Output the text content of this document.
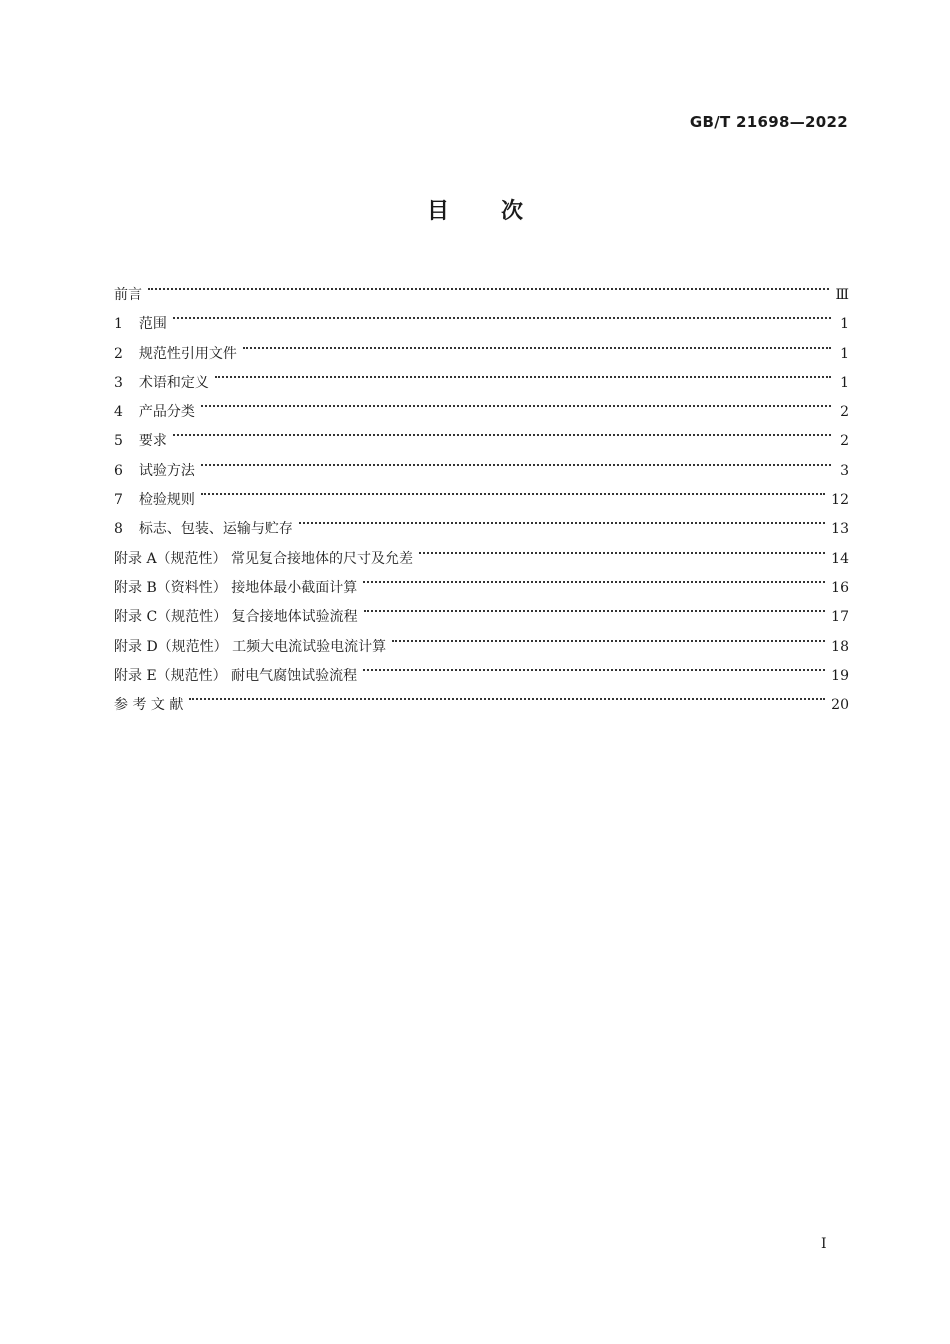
GB/T 21698—2022
目次
前言	Ⅲ
1 范围	1
2 规范性引用文件	1
3 术语和定义	1
4 产品分类	2
5 要求	2
6 试验方法	3
7 检验规则	12
8 标志、包装、运输与贮存	13
附录 A（规范性） 常见复合接地体的尺寸及允差	14
附录 B（资料性） 接地体最小截面计算	16
附录 C（规范性） 复合接地体试验流程	17
附录 D（规范性） 工频大电流试验电流计算	18
附录 E（规范性） 耐电气腐蚀试验流程	19
参 考 文 献	20
I
